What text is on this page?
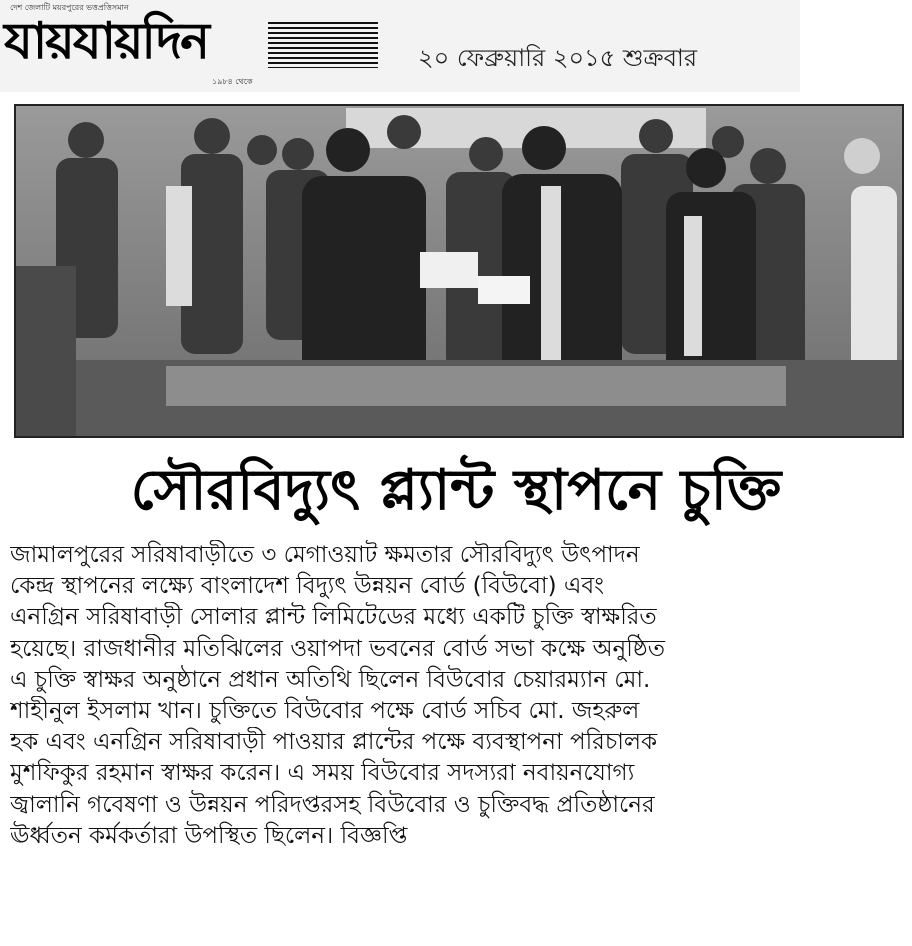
দেশ জেলাটি ময়রপুরের ভত্তপ্রত্তিসমান
যায়যায়দিন
১৯৮৪ থেকে
২০ ফেব্রুয়ারি ২০১৫ শুক্রবার
সৌরবিদ্যুৎ প্ল্যান্ট স্থাপনে চুক্তি
জামালপুরের সরিষাবাড়ীতে ৩ মেগাওয়াট ক্ষমতার সৌরবিদ্যুৎ উৎপাদন
কেন্দ্র স্থাপনের লক্ষ্যে বাংলাদেশ বিদ্যুৎ উন্নয়ন বোর্ড (বিউবো) এবং
এনগ্রিন সরিষাবাড়ী সোলার প্লান্ট লিমিটেডের মধ্যে একটি চুক্তি স্বাক্ষরিত
হয়েছে। রাজধানীর মতিঝিলের ওয়াপদা ভবনের বোর্ড সভা কক্ষে অনুষ্ঠিত
এ চুক্তি স্বাক্ষর অনুষ্ঠানে প্রধান অতিথি ছিলেন বিউবোর চেয়ারম্যান মো.
শাহীনুল ইসলাম খান। চুক্তিতে বিউবোর পক্ষে বোর্ড সচিব মো. জহরুল
হক এবং এনগ্রিন সরিষাবাড়ী পাওয়ার প্লান্টের পক্ষে ব্যবস্থাপনা পরিচালক
মুশফিকুর রহমান স্বাক্ষর করেন। এ সময় বিউবোর সদস্যরা নবায়নযোগ্য
জ্বালানি গবেষণা ও উন্নয়ন পরিদপ্তরসহ বিউবোর ও চুক্তিবদ্ধ প্রতিষ্ঠানের
ঊর্ধ্বতন কর্মকর্তারা উপস্থিত ছিলেন। বিজ্ঞপ্তি
